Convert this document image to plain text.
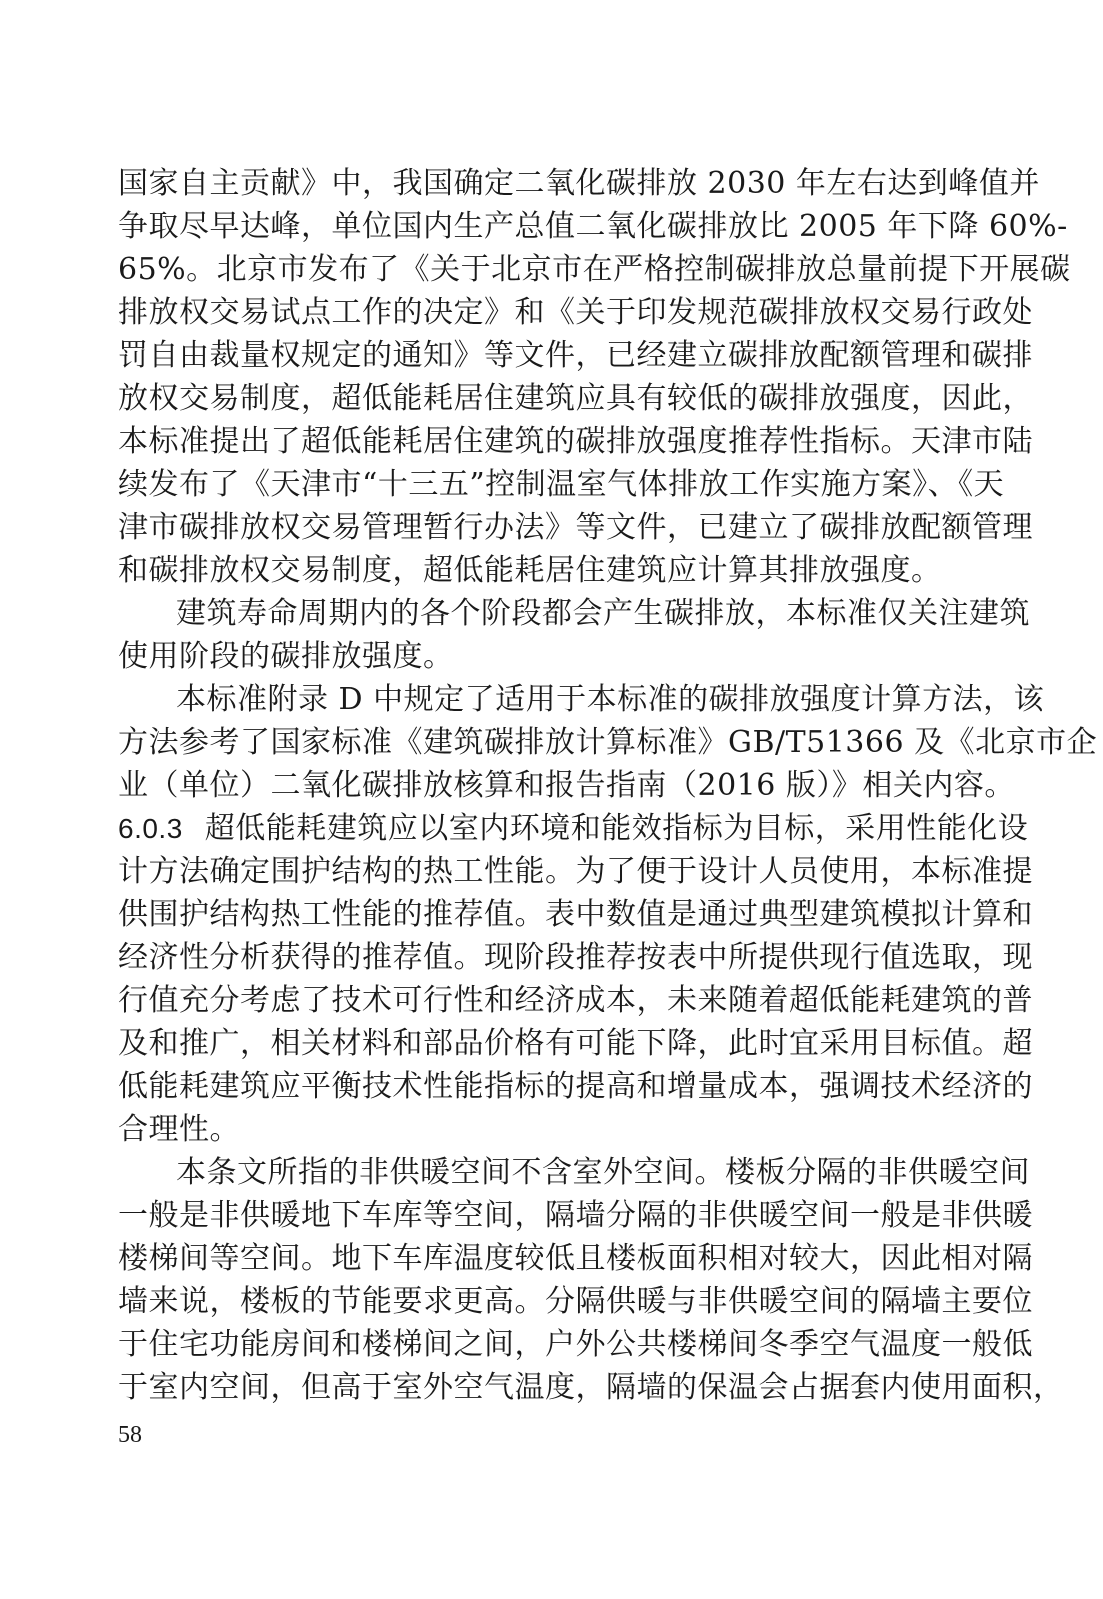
国家自主贡献》中，我国确定二氧化碳排放 2030 年左右达到峰值并
争取尽早达峰，单位国内生产总值二氧化碳排放比 2005 年下降 60%-
65%。北京市发布了《关于北京市在严格控制碳排放总量前提下开展碳
排放权交易试点工作的决定》和《关于印发规范碳排放权交易行政处
罚自由裁量权规定的通知》等文件，已经建立碳排放配额管理和碳排
放权交易制度，超低能耗居住建筑应具有较低的碳排放强度，因此，
本标准提出了超低能耗居住建筑的碳排放强度推荐性指标。天津市陆
续发布了《天津市“十三五”控制温室气体排放工作实施方案》、《天
津市碳排放权交易管理暂行办法》等文件，已建立了碳排放配额管理
和碳排放权交易制度，超低能耗居住建筑应计算其排放强度。
建筑寿命周期内的各个阶段都会产生碳排放，本标准仅关注建筑
使用阶段的碳排放强度。
本标准附录 D 中规定了适用于本标准的碳排放强度计算方法，该
方法参考了国家标准《建筑碳排放计算标准》GB/T51366 及《北京市企
业（单位）二氧化碳排放核算和报告指南（2016 版）》相关内容。
6.0.3 超低能耗建筑应以室内环境和能效指标为目标，采用性能化设
计方法确定围护结构的热工性能。为了便于设计人员使用，本标准提
供围护结构热工性能的推荐值。表中数值是通过典型建筑模拟计算和
经济性分析获得的推荐值。现阶段推荐按表中所提供现行值选取，现
行值充分考虑了技术可行性和经济成本，未来随着超低能耗建筑的普
及和推广，相关材料和部品价格有可能下降，此时宜采用目标值。超
低能耗建筑应平衡技术性能指标的提高和增量成本，强调技术经济的
合理性。
本条文所指的非供暖空间不含室外空间。楼板分隔的非供暖空间
一般是非供暖地下车库等空间，隔墙分隔的非供暖空间一般是非供暖
楼梯间等空间。地下车库温度较低且楼板面积相对较大，因此相对隔
墙来说，楼板的节能要求更高。分隔供暖与非供暖空间的隔墙主要位
于住宅功能房间和楼梯间之间，户外公共楼梯间冬季空气温度一般低
于室内空间，但高于室外空气温度，隔墙的保温会占据套内使用面积，
58
